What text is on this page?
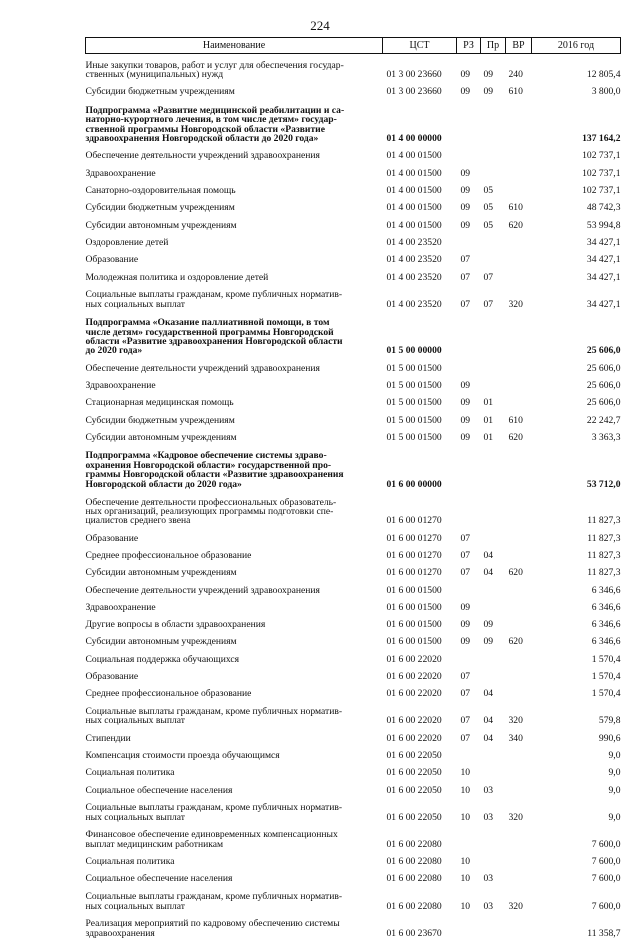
224
Наименование	ЦСТ	РЗ	Пр	ВР	2016 год

Иные закупки товаров, работ и услуг для обеспечения государ-
ственных (муниципальных) нужд	01 3 00 23660	09	09	240	12 805,4

Субсидии бюджетным учреждениям	01 3 00 23660	09	09	610	3 800,0

Подпрограмма «Развитие медицинской реабилитации и са-
наторно-курортного лечения, в том числе детям» государ-
ственной программы Новгородской области «Развитие
здравоохранения Новгородской области до 2020 года»	01 4 00 00000				137 164,2

Обеспечение деятельности учреждений здравоохранения	01 4 00 01500				102 737,1

Здравоохранение	01 4 00 01500	09			102 737,1

Санаторно-оздоровительная помощь	01 4 00 01500	09	05		102 737,1

Субсидии бюджетным учреждениям	01 4 00 01500	09	05	610	48 742,3

Субсидии автономным учреждениям	01 4 00 01500	09	05	620	53 994,8

Оздоровление детей	01 4 00 23520				34 427,1

Образование	01 4 00 23520	07			34 427,1

Молодежная политика и оздоровление детей	01 4 00 23520	07	07		34 427,1

Социальные выплаты гражданам, кроме публичных норматив-
ных социальных выплат	01 4 00 23520	07	07	320	34 427,1

Подпрограмма «Оказание паллиативной помощи, в том
числе детям» государственной программы Новгородской
области «Развитие здравоохранения Новгородской области
до 2020 года»	01 5 00 00000				25 606,0

Обеспечение деятельности учреждений здравоохранения	01 5 00 01500				25 606,0

Здравоохранение	01 5 00 01500	09			25 606,0

Стационарная медицинская помощь	01 5 00 01500	09	01		25 606,0

Субсидии бюджетным учреждениям	01 5 00 01500	09	01	610	22 242,7

Субсидии автономным учреждениям	01 5 00 01500	09	01	620	3 363,3

Подпрограмма «Кадровое обеспечение системы здраво-
охранения Новгородской области» государственной про-
граммы Новгородской области «Развитие здравоохранения
Новгородской области до 2020 года»	01 6 00 00000				53 712,0

Обеспечение деятельности профессиональных образователь-
ных организаций, реализующих программы подготовки спе-
циалистов среднего звена	01 6 00 01270				11 827,3

Образование	01 6 00 01270	07			11 827,3

Среднее профессиональное образование	01 6 00 01270	07	04		11 827,3

Субсидии автономным учреждениям	01 6 00 01270	07	04	620	11 827,3

Обеспечение деятельности учреждений здравоохранения	01 6 00 01500				6 346,6

Здравоохранение	01 6 00 01500	09			6 346,6

Другие вопросы в области здравоохранения	01 6 00 01500	09	09		6 346,6

Субсидии автономным учреждениям	01 6 00 01500	09	09	620	6 346,6

Социальная поддержка обучающихся	01 6 00 22020				1 570,4

Образование	01 6 00 22020	07			1 570,4

Среднее профессиональное образование	01 6 00 22020	07	04		1 570,4

Социальные выплаты гражданам, кроме публичных норматив-
ных социальных выплат	01 6 00 22020	07	04	320	579,8

Стипендии	01 6 00 22020	07	04	340	990,6

Компенсация стоимости проезда обучающимся	01 6 00 22050				9,0

Социальная политика	01 6 00 22050	10			9,0

Социальное обеспечение населения	01 6 00 22050	10	03		9,0

Социальные выплаты гражданам, кроме публичных норматив-
ных социальных выплат	01 6 00 22050	10	03	320	9,0

Финансовое обеспечение единовременных компенсационных
выплат медицинским работникам	01 6 00 22080				7 600,0

Социальная политика	01 6 00 22080	10			7 600,0

Социальное обеспечение населения	01 6 00 22080	10	03		7 600,0

Социальные выплаты гражданам, кроме публичных норматив-
ных социальных выплат	01 6 00 22080	10	03	320	7 600,0

Реализация мероприятий по кадровому обеспечению системы
здравоохранения	01 6 00 23670				11 358,7
